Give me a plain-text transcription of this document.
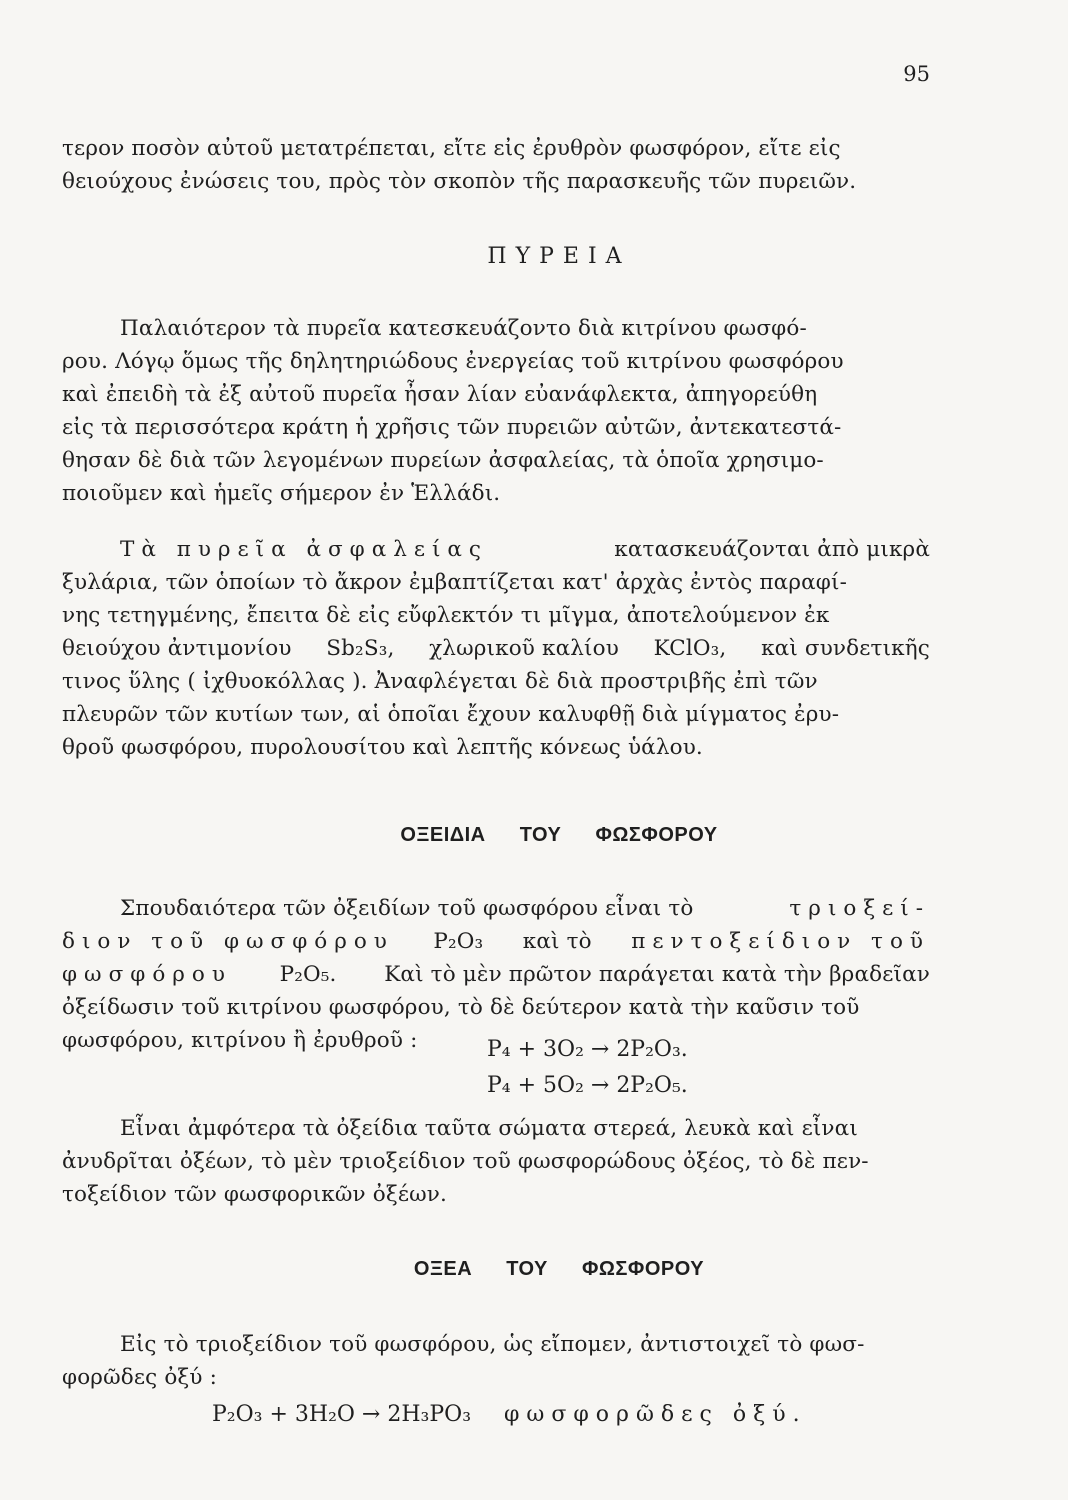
95
τερον ποσὸν αὐτοῦ μετατρέπεται, εἴτε εἰς ἐρυθρὸν φωσφόρον, εἴτε εἰς
θειούχους ἐνώσεις του, πρὸς τὸν σκοπὸν τῆς παρασκευῆς τῶν πυρειῶν.
ΠΥΡΕΙΑ
Παλαιότερον τὰ πυρεῖα κατεσκευάζοντο διὰ κιτρίνου φωσφό-
ρου. Λόγῳ ὅμως τῆς δηλητηριώδους ἐνεργείας τοῦ κιτρίνου φωσφόρου
καὶ ἐπειδὴ τὰ ἐξ αὐτοῦ πυρεῖα ἦσαν λίαν εὐανάφλεκτα, ἀπηγορεύθη
εἰς τὰ περισσότερα κράτη ἡ χρῆσις τῶν πυρειῶν αὐτῶν, ἀντεκατεστά-
θησαν δὲ διὰ τῶν λεγομένων πυρείων ἀσφαλείας, τὰ ὁποῖα χρησιμο-
ποιοῦμεν καὶ ἡμεῖς σήμερον ἐν Ἑλλάδι.
Τὰ πυρεῖα ἀσφαλείας	κατασκευάζονται ἀπὸ μικρὰ
ξυλάρια, τῶν ὁποίων τὸ ἄκρον ἐμβαπτίζεται κατ' ἀρχὰς ἐντὸς παραφί-
νης τετηγμένης, ἔπειτα δὲ εἰς εὔφλεκτόν τι μῖγμα, ἀποτελούμενον ἐκ
θειούχου ἀντιμονίου Sb₂S₃, χλωρικοῦ καλίου KClO₃, καὶ συνδετικῆς
τινος ὕλης ( ἰχθυοκόλλας ). Ἀναφλέγεται δὲ διὰ προστριβῆς ἐπὶ τῶν
πλευρῶν τῶν κυτίων των, αἱ ὁποῖαι ἔχουν καλυφθῇ διὰ μίγματος ἐρυ-
θροῦ φωσφόρου, πυρολουσίτου καὶ λεπτῆς κόνεως ὑάλου.
ΟΞΕΙΔΙΑ ΤΟΥ ΦΩΣΦΟΡΟΥ
Σπουδαιότερα τῶν ὀξειδίων τοῦ φωσφόρου εἶναι τὸ	τριοξεί-
διον τοῦ φωσφόρου P₂O₃ καὶ τὸ πεντοξείδιον τοῦ
φωσφόρου P₂O₅. Καὶ τὸ μὲν πρῶτον παράγεται κατὰ τὴν βραδεῖαν
ὀξείδωσιν τοῦ κιτρίνου φωσφόρου, τὸ δὲ δεύτερον κατὰ τὴν καῦσιν τοῦ
φωσφόρου, κιτρίνου ἢ ἐρυθροῦ :	P₄ + 3O₂ → 2P₂O₃.
P₄ + 5O₂ → 2P₂O₅.
Εἶναι ἀμφότερα τὰ ὀξείδια ταῦτα σώματα στερεά, λευκὰ καὶ εἶναι
ἀνυδρῖται ὀξέων, τὸ μὲν τριοξείδιον τοῦ φωσφορώδους ὀξέος, τὸ δὲ πεν-
τοξείδιον τῶν φωσφορικῶν ὀξέων.
ΟΞΕΑ ΤΟΥ ΦΩΣΦΟΡΟΥ
Εἰς τὸ τριοξείδιον τοῦ φωσφόρου, ὡς εἴπομεν, ἀντιστοιχεῖ τὸ φωσ-
φορῶδες ὀξύ :
P₂O₃ + 3H₂O → 2H₃PO₃ φωσφορῶδες ὀξύ.
